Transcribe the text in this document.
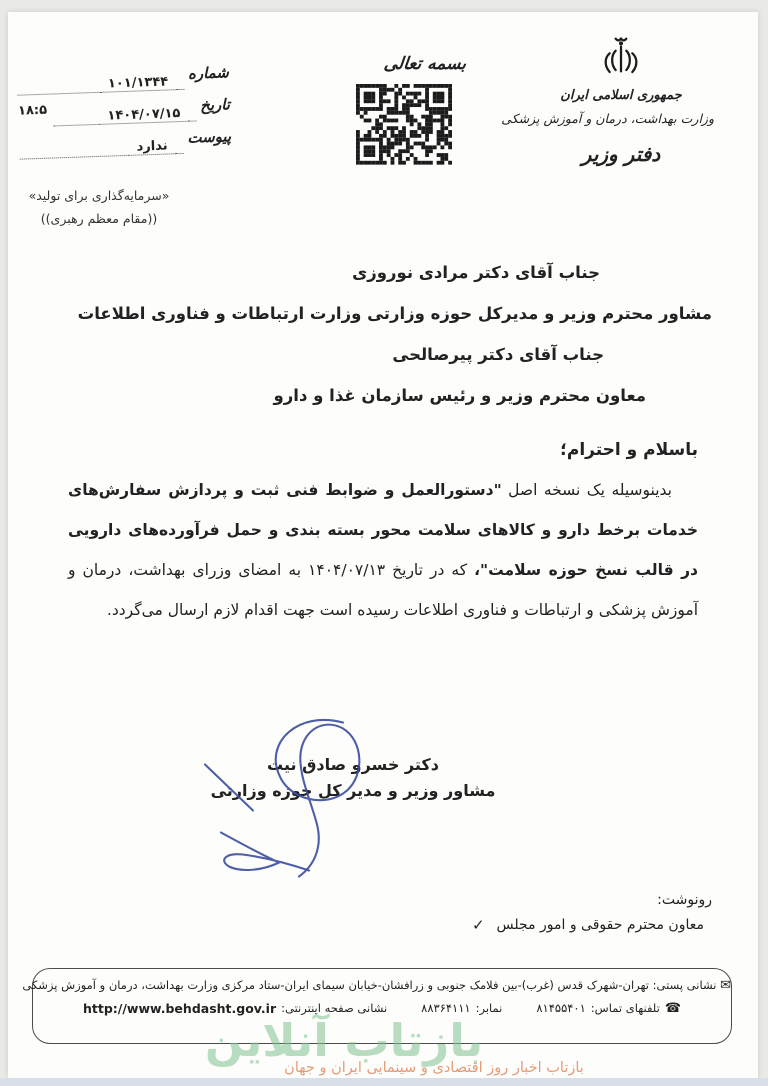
شماره
۱۰۱/۱۳۴۴
تاریخ
۱۴۰۴/۰۷/۱۵
۱۸:۵
پیوست
ندارد
«سرمایه‌گذاری برای تولید»
((مقام معظم رهبری))
بسمه تعالی
جمهوری اسلامی ایران
وزارت بهداشت، درمان و آموزش پزشکی
دفتر وزیر
جناب آقای دکتر مرادی نوروزی
مشاور محترم وزیر و مدیرکل حوزه وزارتی وزارت ارتباطات و فناوری اطلاعات
جناب آقای دکتر پیرصالحی
معاون محترم وزیر و رئیس سازمان غذا و دارو
باسلام و احترام؛

بدینوسیله یک نسخه اصل "دستورالعمل و ضوابط فنی ثبت و پردازش سفارش‌های خدمات برخط دارو و کالاهای سلامت محور بسته بندی و حمل فرآورده‌های دارویی در قالب نسخ حوزه سلامت"، که در تاریخ ۱۴۰۴/۰۷/۱۳ به امضای وزرای بهداشت، درمان و آموزش پزشکی و ارتباطات و فناوری اطلاعات رسیده است جهت اقدام لازم ارسال می‌گردد.

دکتر خسرو صادق نیت
مشاور وزیر و مدیر کل حوزه وزارتی
رونوشت:
معاون محترم حقوقی و امور مجلس
✓
✉ نشانی پستی: تهران-شهرک قدس (غرب)-بین فلامک جنوبی و زرافشان-خیابان سیمای ایران-ستاد مرکزی وزارت بهداشت، درمان و آموزش پزشکی
☎
تلفنهای تماس:
۸۱۴۵۵۴۰۱
نمابر:
۸۸۳۶۴۱۱۱
نشانی صفحه اینترنتی:
http://www.behdasht.gov.ir
بازتاب آنلاین
بازتاب اخبار روز اقتصادی و سینمایی ایران و جهان
